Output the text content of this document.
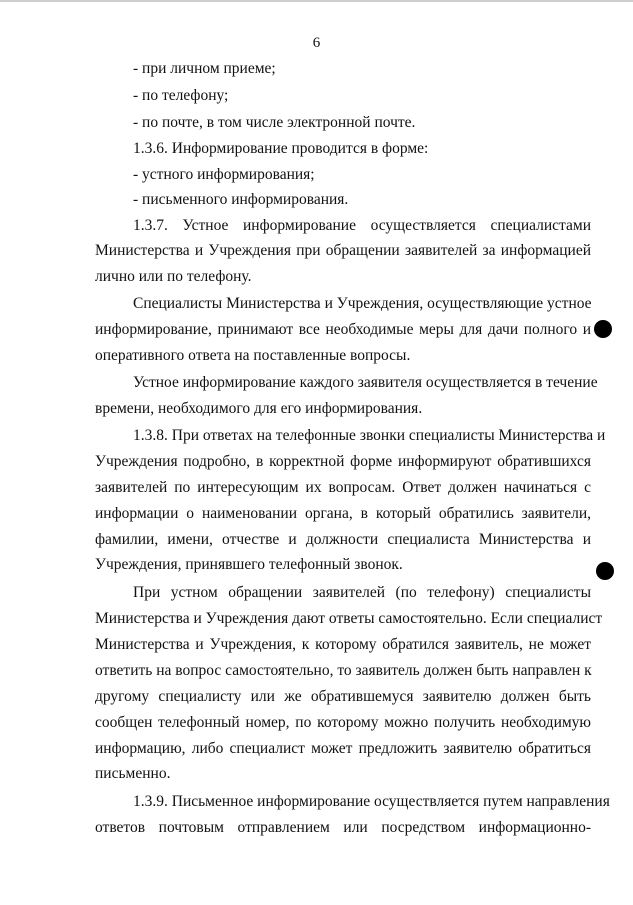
6
- при личном приеме;
- по телефону;
- по почте, в том числе электронной почте.
1.3.6. Информирование проводится в форме:
- устного информирования;
- письменного информирования.
1.3.7. Устное информирование осуществляется специалистами
Министерства и Учреждения при обращении заявителей за информацией
лично или по телефону.
Специалисты Министерства и Учреждения, осуществляющие устное
информирование, принимают все необходимые меры для дачи полного и
оперативного ответа на поставленные вопросы.
Устное информирование каждого заявителя осуществляется в течение
времени, необходимого для его информирования.
1.3.8. При ответах на телефонные звонки специалисты Министерства и
Учреждения подробно, в корректной форме информируют обратившихся
заявителей по интересующим их вопросам. Ответ должен начинаться с
информации о наименовании органа, в который обратились заявители,
фамилии, имени, отчестве и должности специалиста Министерства и
Учреждения, принявшего телефонный звонок.
При устном обращении заявителей (по телефону) специалисты
Министерства и Учреждения дают ответы самостоятельно. Если специалист
Министерства и Учреждения, к которому обратился заявитель, не может
ответить на вопрос самостоятельно, то заявитель должен быть направлен к
другому специалисту или же обратившемуся заявителю должен быть
сообщен телефонный номер, по которому можно получить необходимую
информацию, либо специалист может предложить заявителю обратиться
письменно.
1.3.9. Письменное информирование осуществляется путем направления
ответов почтовым отправлением или посредством информационно-
